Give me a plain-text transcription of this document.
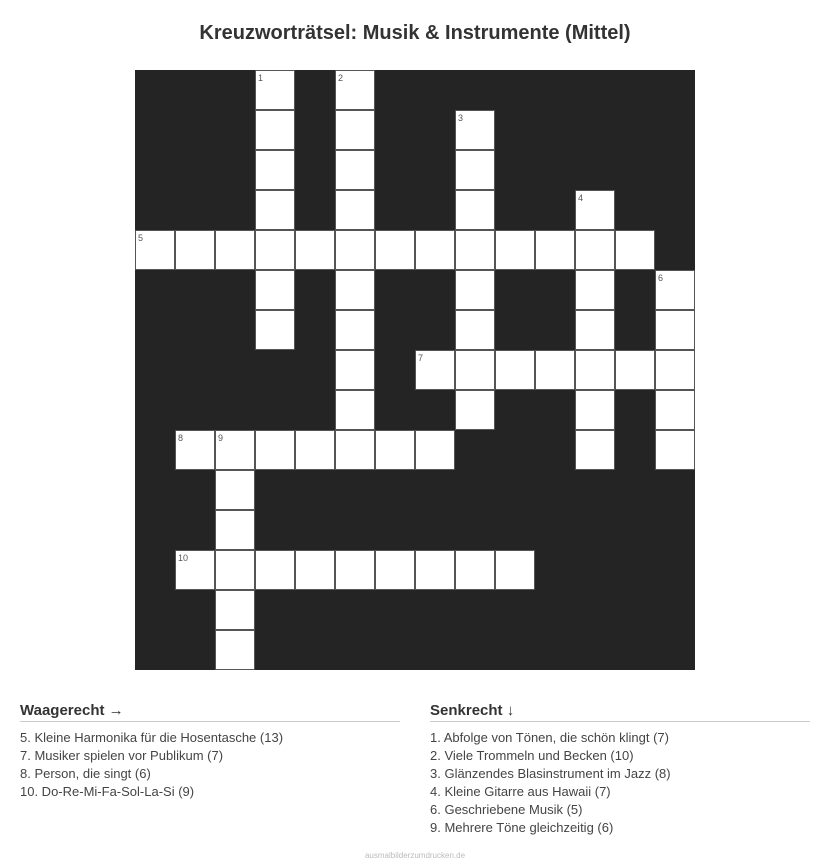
Kreuzworträtsel: Musik & Instrumente (Mittel)
1	2
3
4
5
6
7
8	9
10
Waagerecht →
5. Kleine Harmonika für die Hosentasche (13)
7. Musiker spielen vor Publikum (7)
8. Person, die singt (6)
10. Do-Re-Mi-Fa-Sol-La-Si (9)
Senkrecht ↓
1. Abfolge von Tönen, die schön klingt (7)
2. Viele Trommeln und Becken (10)
3. Glänzendes Blasinstrument im Jazz (8)
4. Kleine Gitarre aus Hawaii (7)
6. Geschriebene Musik (5)
9. Mehrere Töne gleichzeitig (6)
ausmalbilderzumdrucken.de
